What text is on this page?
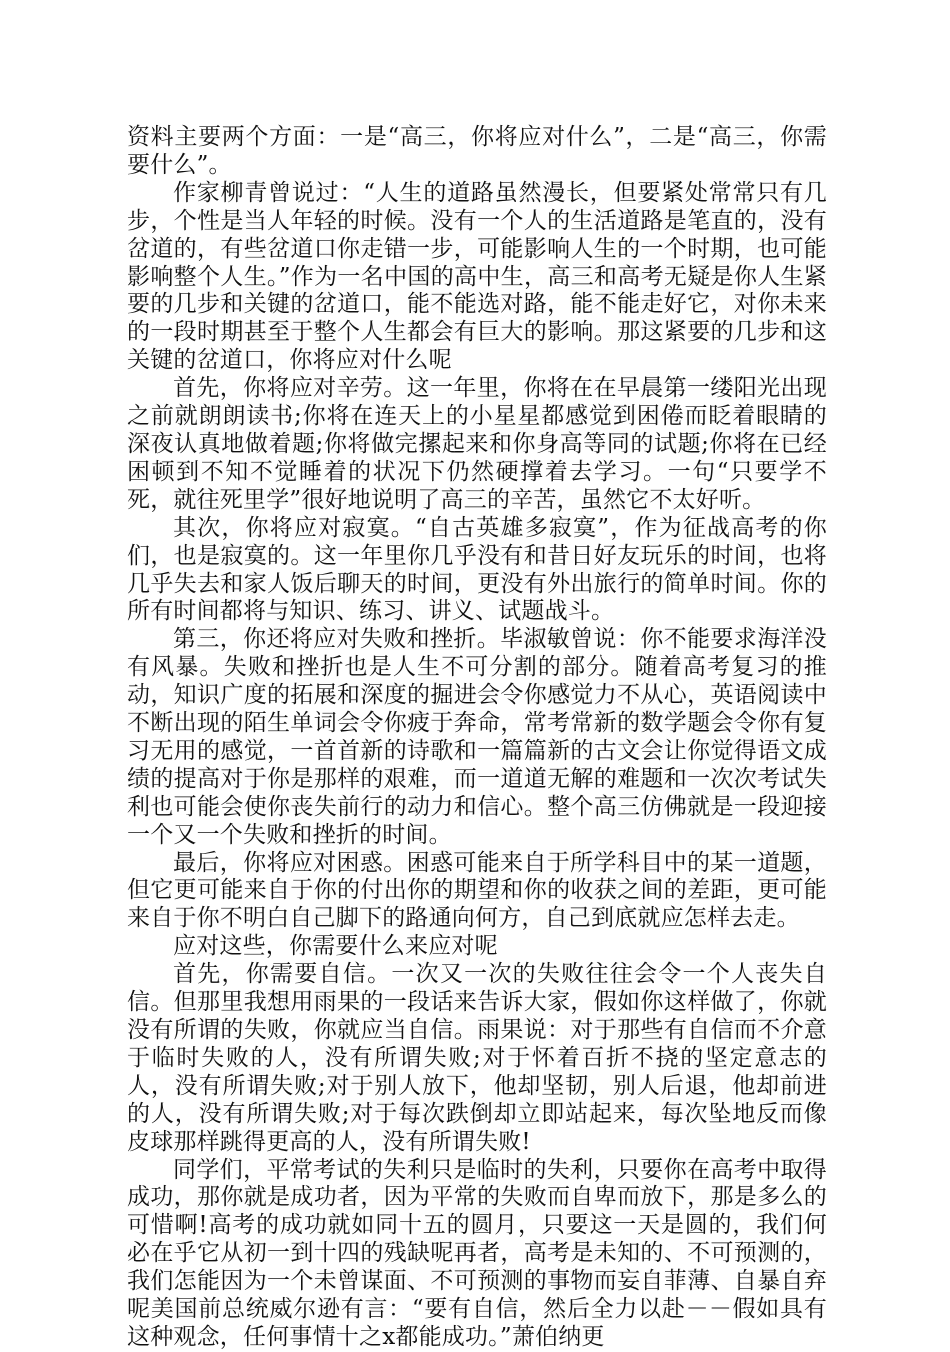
资料主要两个方面：一是“高三，你将应对什么”，二是“高三，你需要什么”。

作家柳青曾说过：“人生的道路虽然漫长，但要紧处常常只有几步，个性是当人年轻的时候。没有一个人的生活道路是笔直的，没有岔道的，有些岔道口你走错一步，可能影响人生的一个时期，也可能影响整个人生。”作为一名中国的高中生，高三和高考无疑是你人生紧要的几步和关键的岔道口，能不能选对路，能不能走好它，对你未来的一段时期甚至于整个人生都会有巨大的影响。那这紧要的几步和这关键的岔道口，你将应对什么呢

首先，你将应对辛劳。这一年里，你将在在早晨第一缕阳光出现之前就朗朗读书;你将在连天上的小星星都感觉到困倦而眨着眼睛的深夜认真地做着题;你将做完摞起来和你身高等同的试题;你将在已经困顿到不知不觉睡着的状况下仍然硬撑着去学习。一句“只要学不死，就往死里学”很好地说明了高三的辛苦，虽然它不太好听。

其次，你将应对寂寞。“自古英雄多寂寞”，作为征战高考的你们，也是寂寞的。这一年里你几乎没有和昔日好友玩乐的时间，也将几乎失去和家人饭后聊天的时间，更没有外出旅行的简单时间。你的所有时间都将与知识、练习、讲义、试题战斗。

第三，你还将应对失败和挫折。毕淑敏曾说：你不能要求海洋没有风暴。失败和挫折也是人生不可分割的部分。随着高考复习的推动，知识广度的拓展和深度的掘进会令你感觉力不从心，英语阅读中不断出现的陌生单词会令你疲于奔命，常考常新的数学题会令你有复习无用的感觉，一首首新的诗歌和一篇篇新的古文会让你觉得语文成绩的提高对于你是那样的艰难，而一道道无解的难题和一次次考试失利也可能会使你丧失前行的动力和信心。整个高三仿佛就是一段迎接一个又一个失败和挫折的时间。

最后，你将应对困惑。困惑可能来自于所学科目中的某一道题，但它更可能来自于你的付出你的期望和你的收获之间的差距，更可能来自于你不明白自己脚下的路通向何方，自己到底就应怎样去走。

应对这些，你需要什么来应对呢

首先，你需要自信。一次又一次的失败往往会令一个人丧失自信。但那里我想用雨果的一段话来告诉大家，假如你这样做了，你就没有所谓的失败，你就应当自信。雨果说：对于那些有自信而不介意于临时失败的人，没有所谓失败;对于怀着百折不挠的坚定意志的人，没有所谓失败;对于别人放下，他却坚韧，别人后退，他却前进的人，没有所谓失败;对于每次跌倒却立即站起来，每次坠地反而像皮球那样跳得更高的人，没有所谓失败!

同学们，平常考试的失利只是临时的失利，只要你在高考中取得成功，那你就是成功者，因为平常的失败而自卑而放下，那是多么的可惜啊!高考的成功就如同十五的圆月，只要这一天是圆的，我们何必在乎它从初一到十四的残缺呢再者，高考是未知的、不可预测的，我们怎能因为一个未曾谋面、不可预测的事物而妄自菲薄、自暴自弃呢美国前总统威尔逊有言：“要有自信，然后全力以赴－－假如具有这种观念，任何事情十之x都能成功。”萧伯纳更
